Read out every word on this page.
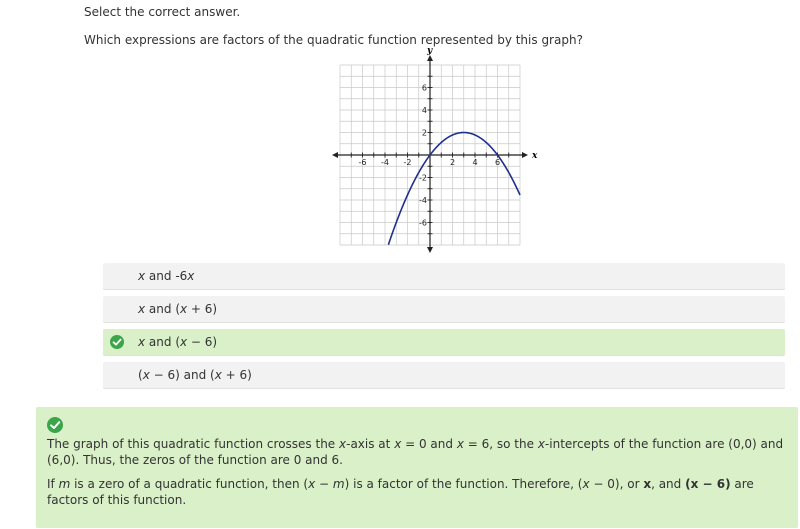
Select the correct answer.
Which expressions are factors of the quadratic function represented by this graph?
-6 -4 -2	2 4 6
6
4
2
-2
-4
-6
x
y
x and -6x
x and (x + 6)
x and (x − 6)
(x − 6) and (x + 6)

The graph of this quadratic function crosses the x-axis at x = 0 and x = 6, so the x-intercepts of the function are (0,0) and (6,0). Thus, the zeros of the function are 0 and 6.

If m is a zero of a quadratic function, then (x − m) is a factor of the function. Therefore, (x − 0), or x, and (x − 6) are factors of this function.
